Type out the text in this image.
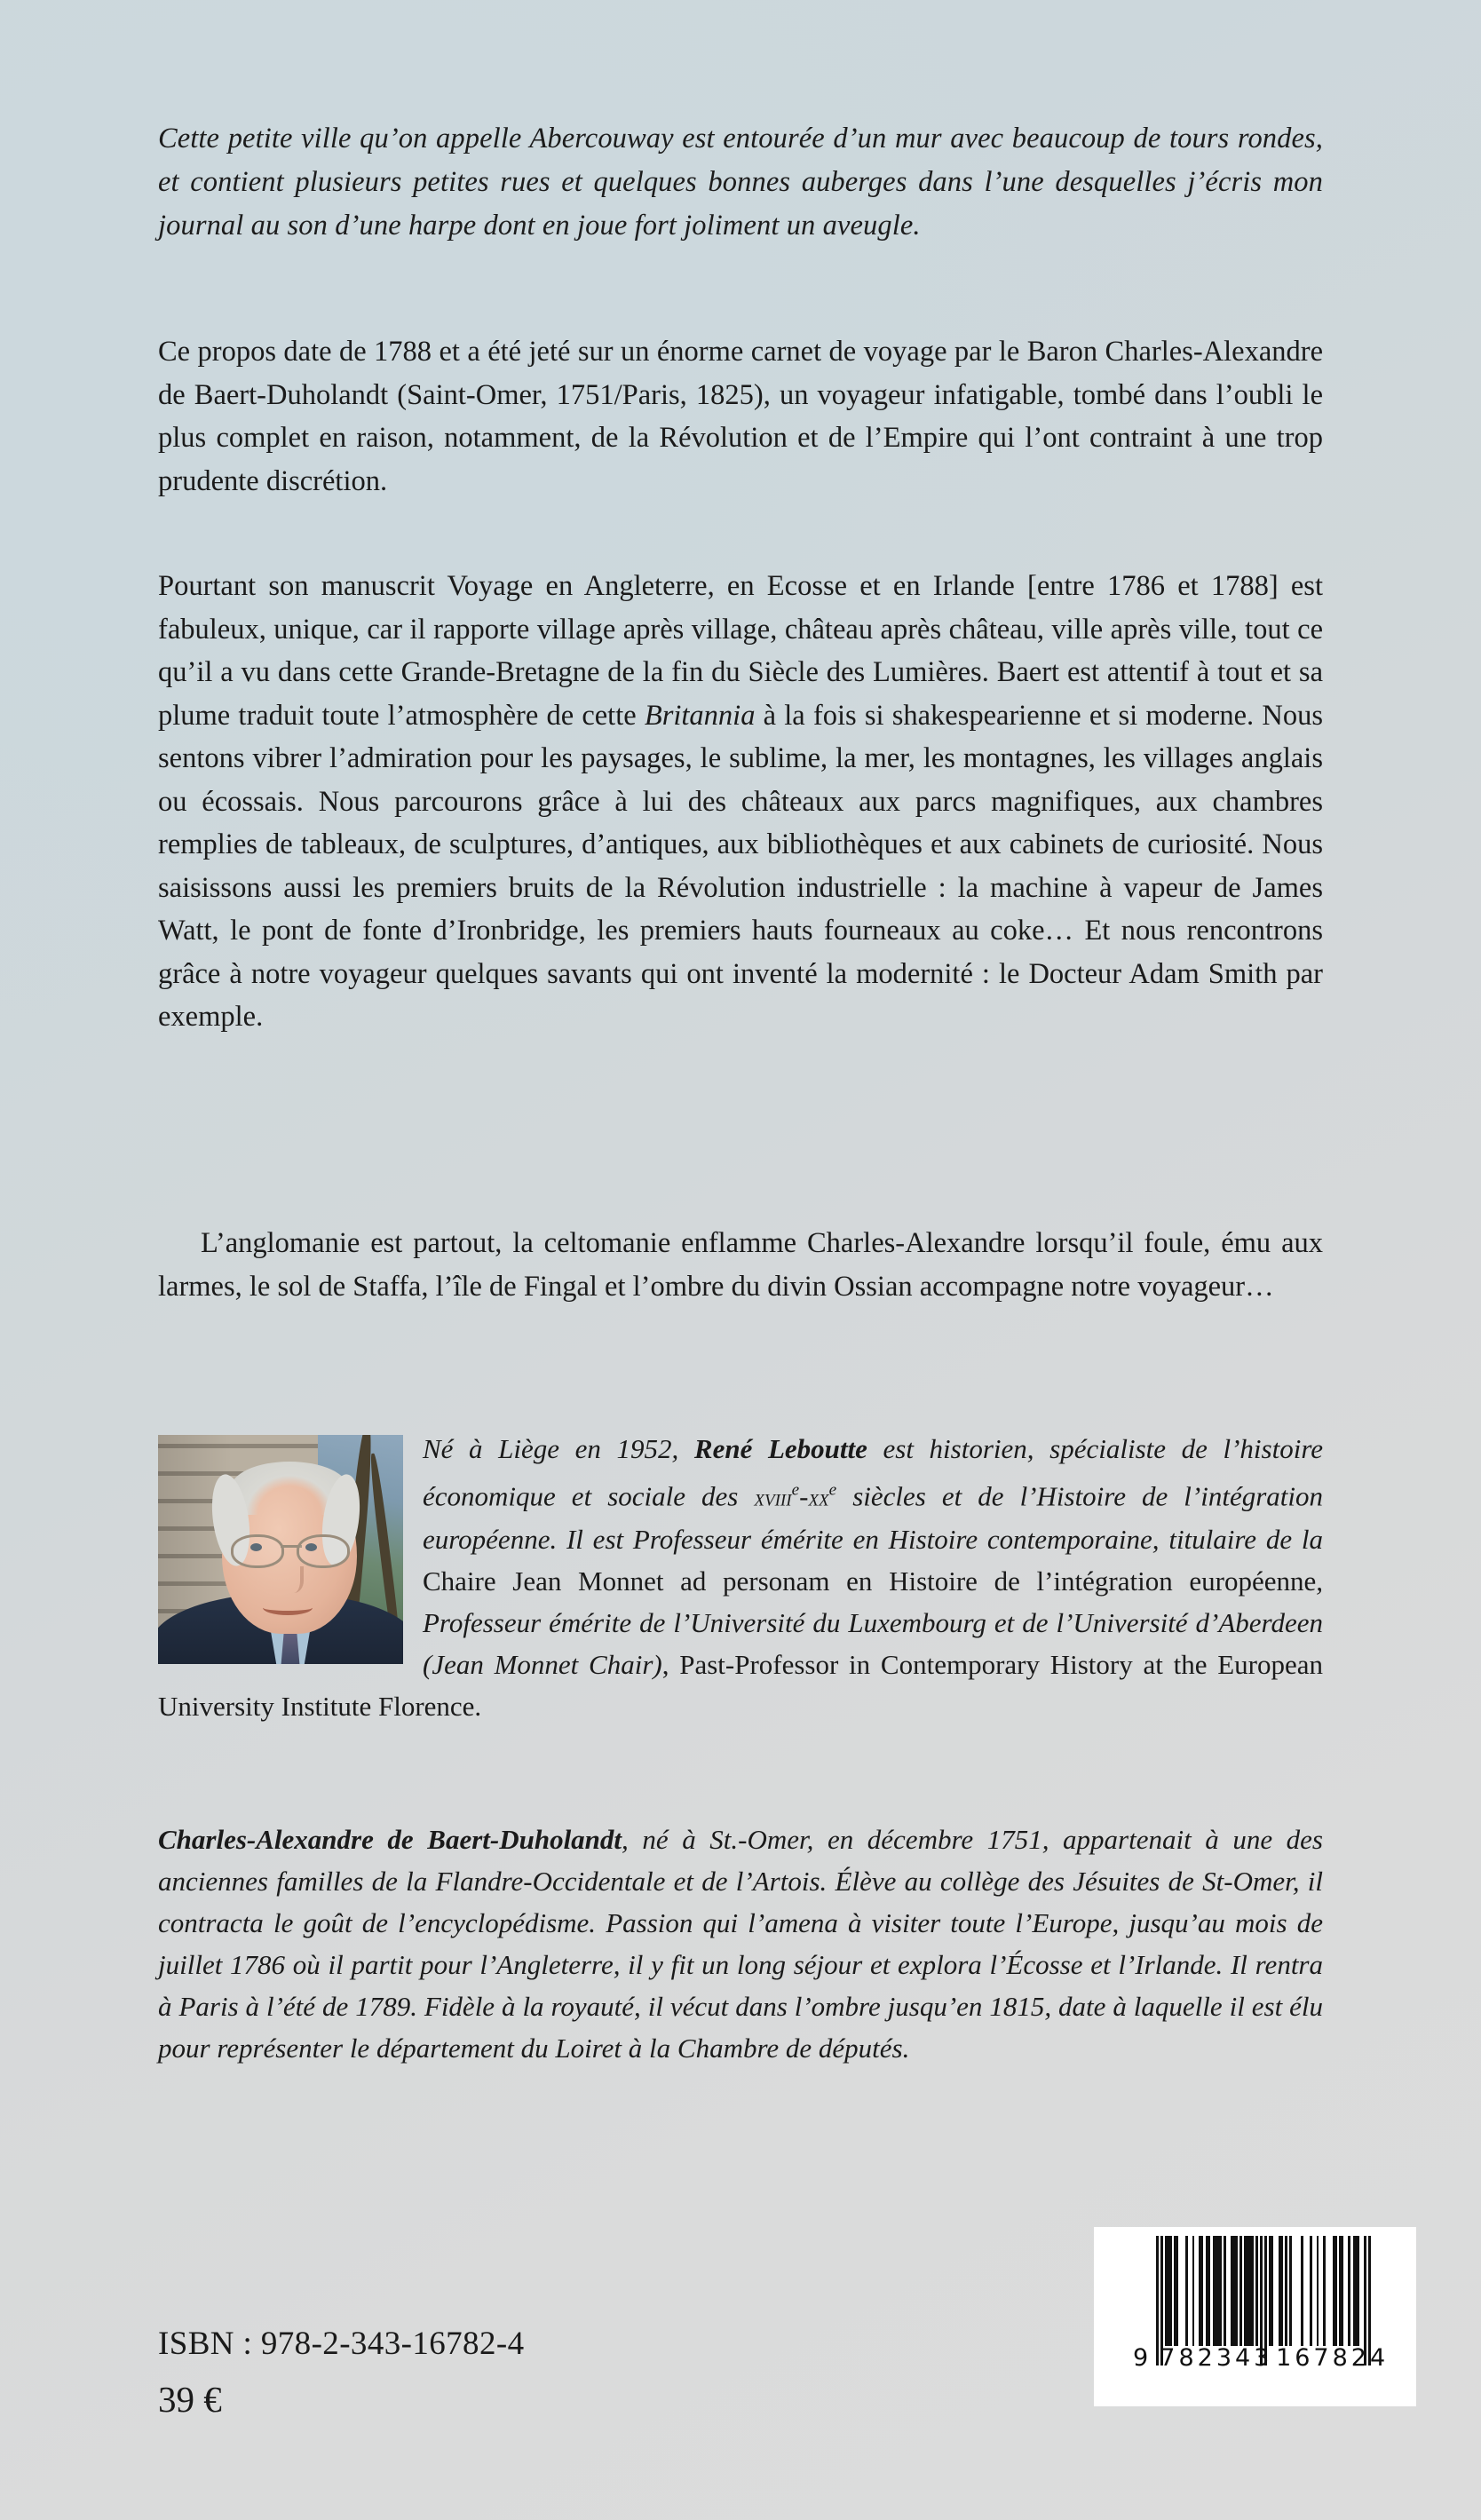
Cette petite ville qu’on appelle Abercouway est entourée d’un mur avec beaucoup de tours rondes, et contient plusieurs petites rues et quelques bonnes auberges dans l’une desquelles j’écris mon journal au son d’une harpe dont en joue fort joliment un aveugle.
Ce propos date de 1788 et a été jeté sur un énorme carnet de voyage par le Baron Charles-Alexandre de Baert-Duholandt (Saint-Omer, 1751/Paris, 1825), un voyageur infatigable, tombé dans l’oubli le plus complet en raison, notamment, de la Révolution et de l’Empire qui l’ont contraint à une trop prudente discrétion.
Pourtant son manuscrit Voyage en Angleterre, en Ecosse et en Irlande [entre 1786 et 1788] est fabuleux, unique, car il rapporte village après village, château après château, ville après ville, tout ce qu’il a vu dans cette Grande-Bretagne de la fin du Siècle des Lumières. Baert est attentif à tout et sa plume traduit toute l’atmosphère de cette Britannia à la fois si shakespearienne et si moderne. Nous sentons vibrer l’admiration pour les paysages, le sublime, la mer, les montagnes, les villages anglais ou écossais. Nous parcourons grâce à lui des châteaux aux parcs magnifiques, aux chambres remplies de tableaux, de sculptures, d’antiques, aux bibliothèques et aux cabinets de curiosité. Nous saisissons aussi les premiers bruits de la Révolution industrielle : la machine à vapeur de James Watt, le pont de fonte d’Ironbridge, les premiers hauts fourneaux au coke… Et nous rencontrons grâce à notre voyageur quelques savants qui ont inventé la modernité : le Docteur Adam Smith par exemple.
L’anglomanie est partout, la celtomanie enflamme Charles-Alexandre lorsqu’il foule, ému aux larmes, le sol de Staffa, l’île de Fingal et l’ombre du divin Ossian accompagne notre voyageur…
Né à Liège en 1952, René Leboutte est historien, spécialiste de l’histoire économique et sociale des $xviii^e-xx^e$ siècles et de l’Histoire de l’intégration européenne. Il est Professeur émérite en Histoire contemporaine, titulaire de la Chaire Jean Monnet ad personam en Histoire de l’intégration européenne, Professeur émérite de l’Université du Luxembourg et de l’Université d’Aberdeen (Jean Monnet Chair), Past-Professor in Contemporary History at the European University Institute Florence.
Charles-Alexandre de Baert-Duholandt, né à St.-Omer, en décembre 1751, appartenait à une des anciennes familles de la Flandre-Occidentale et de l’Artois. Élève au collège des Jésuites de St-Omer, il contracta le goût de l’encyclopédisme. Passion qui l’amena à visiter toute l’Europe, jusqu’au mois de juillet 1786 où il partit pour l’Angleterre, il y fit un long séjour et explora l’Écosse et l’Irlande. Il rentra à Paris à l’été de 1789. Fidèle à la royauté, il vécut dans l’ombre jusqu’en 1815, date à laquelle il est élu pour représenter le département du Loiret à la Chambre de députés.
ISBN : 978-2-343-16782-4
39 €
9 782343 167824
